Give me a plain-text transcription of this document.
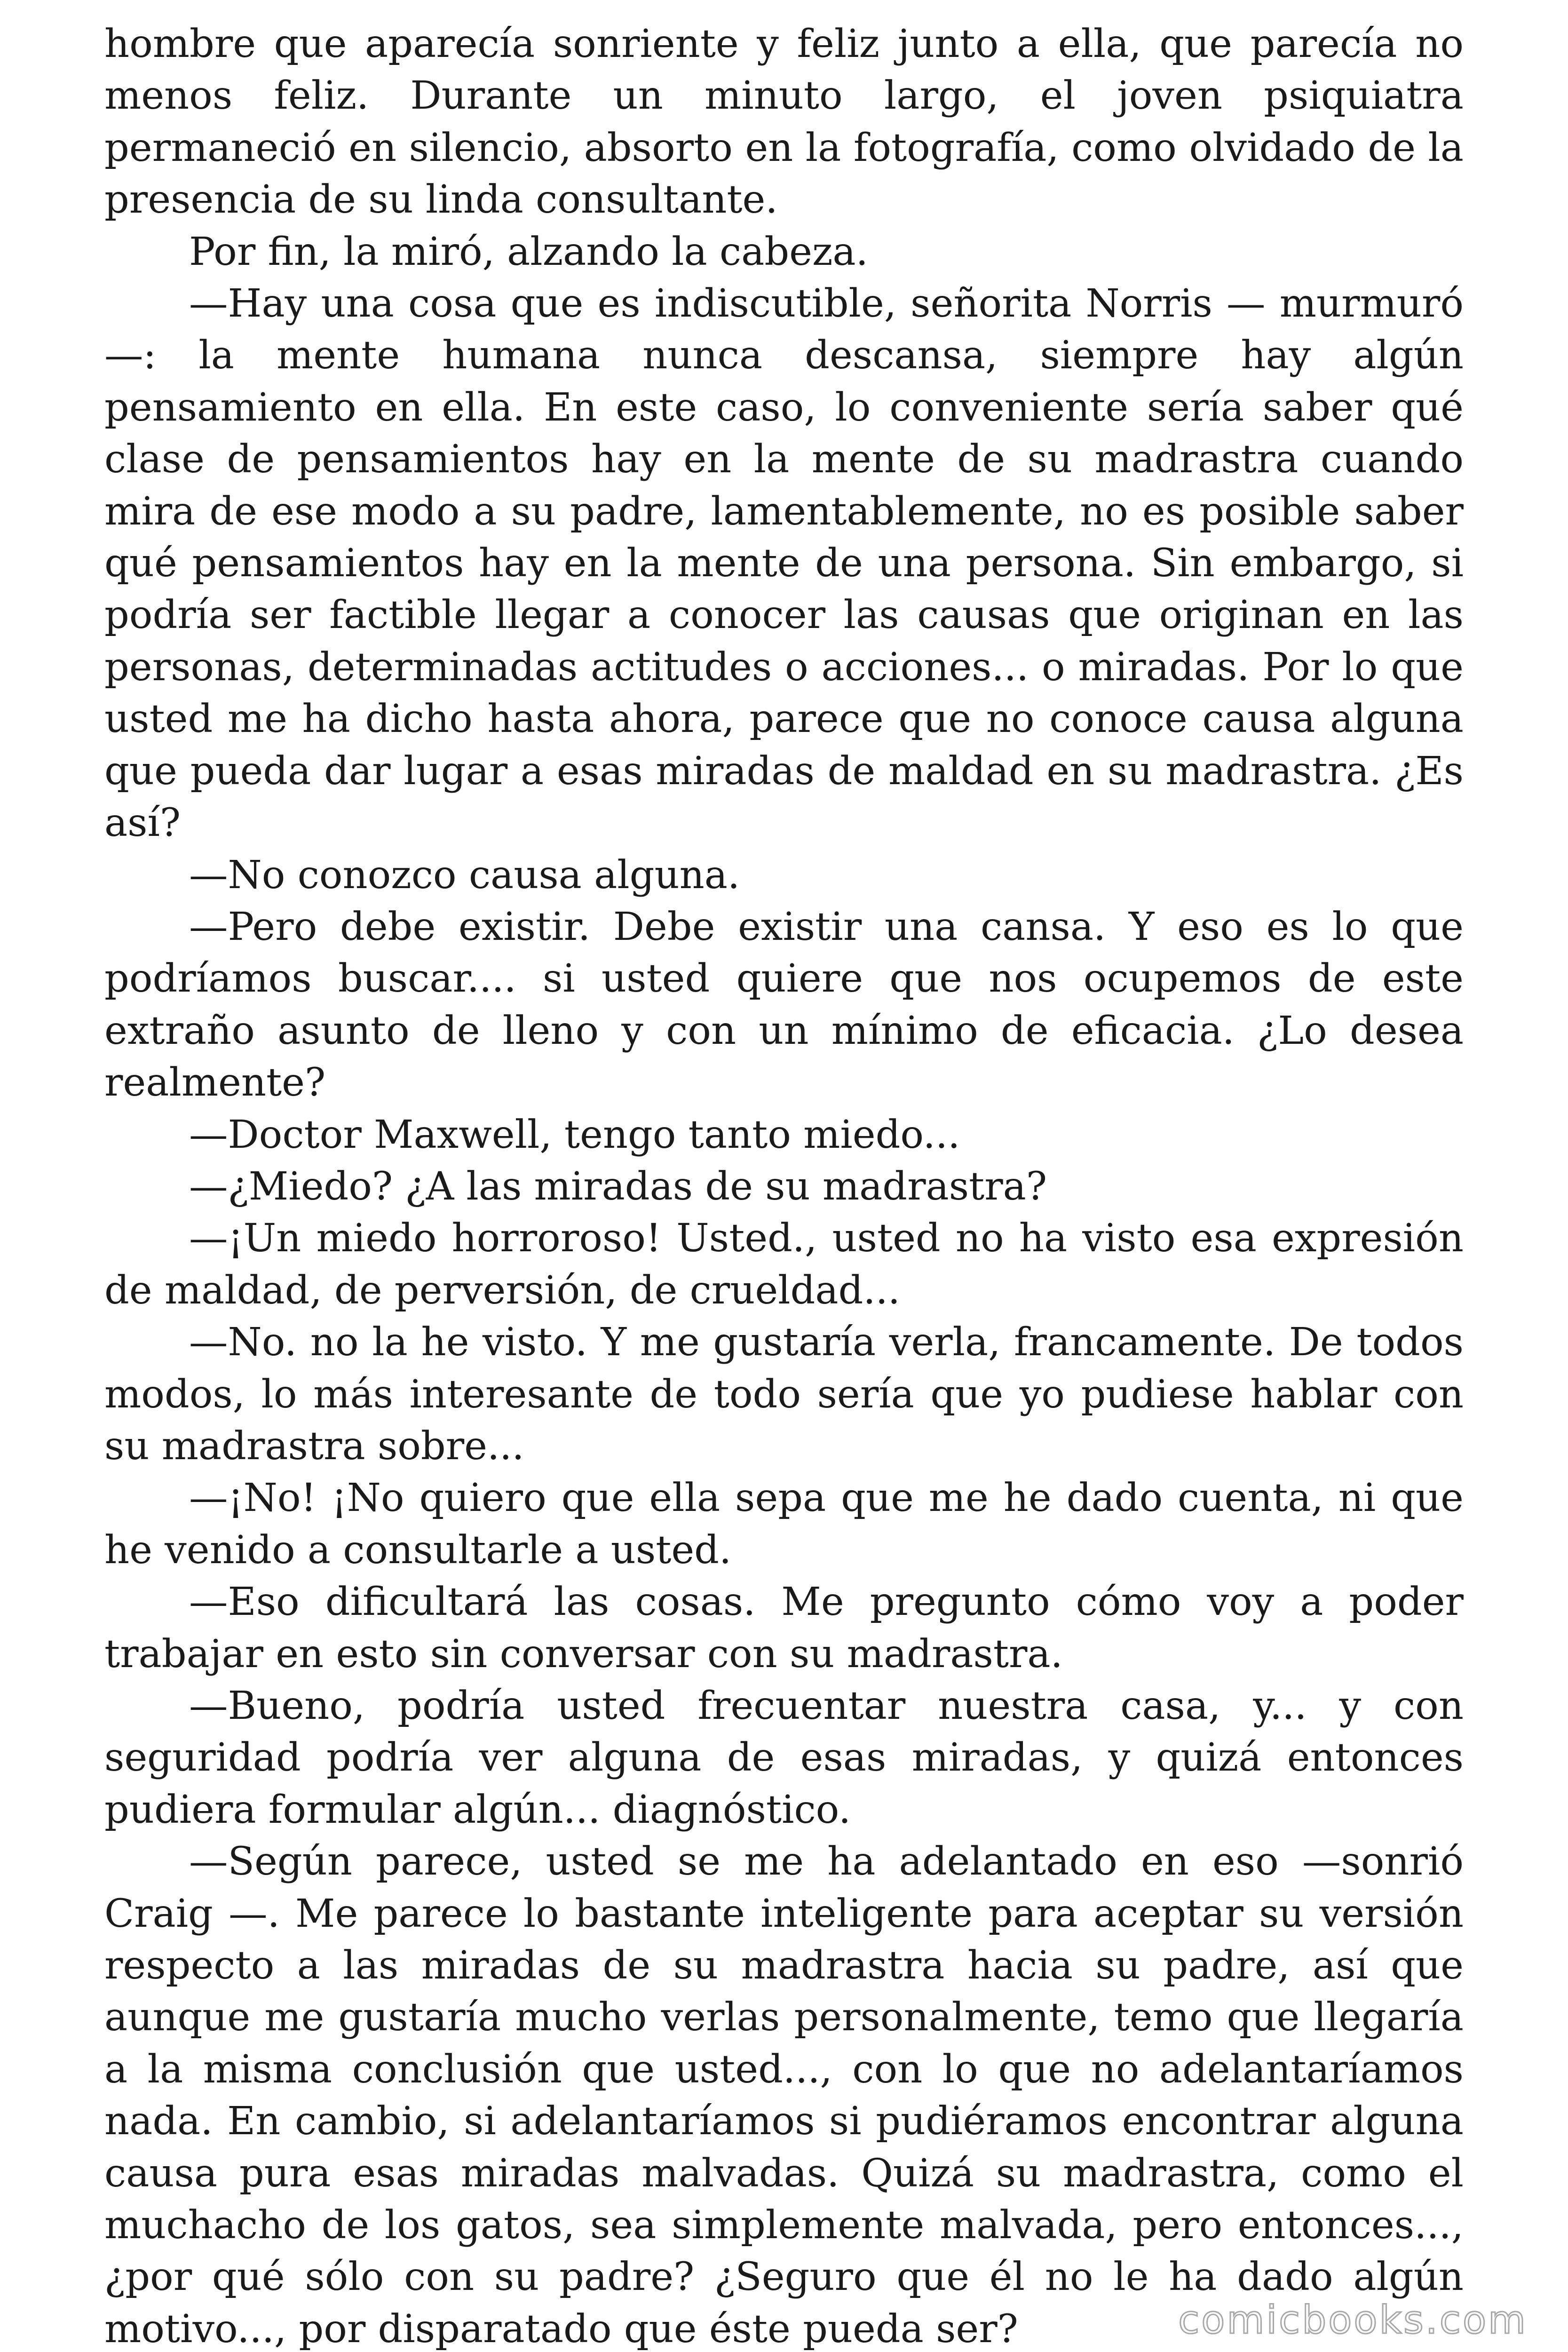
hombre que aparecía sonriente y feliz junto a ella, que parecía no menos feliz. Durante un minuto largo, el joven psiquiatra permaneció en silencio, absorto en la fotografía, como olvidado de la presencia de su linda consultante.

Por fin, la miró, alzando la cabeza.

—Hay una cosa que es indiscutible, señorita Norris — murmuró —: la mente humana nunca descansa, siempre hay algún pensamiento en ella. En este caso, lo conveniente sería saber qué clase de pensamientos hay en la mente de su madrastra cuando mira de ese modo a su padre, lamentablemente, no es posible saber qué pensamientos hay en la mente de una persona. Sin embargo, si podría ser factible llegar a conocer las causas que originan en las personas, determinadas actitudes o acciones... o miradas. Por lo que usted me ha dicho hasta ahora, parece que no conoce causa alguna que pueda dar lugar a esas miradas de maldad en su madrastra. ¿Es así?

—No conozco causa alguna.

—Pero debe existir. Debe existir una cansa. Y eso es lo que podríamos buscar.... si usted quiere que nos ocupemos de este extraño asunto de lleno y con un mínimo de eficacia. ¿Lo desea realmente?

—Doctor Maxwell, tengo tanto miedo...

—¿Miedo? ¿A las miradas de su madrastra?

—¡Un miedo horroroso! Usted., usted no ha visto esa expresión de maldad, de perversión, de crueldad...

—No. no la he visto. Y me gustaría verla, francamente. De todos modos, lo más interesante de todo sería que yo pudiese hablar con su madrastra sobre...

—¡No! ¡No quiero que ella sepa que me he dado cuenta, ni que he venido a consultarle a usted.

—Eso dificultará las cosas. Me pregunto cómo voy a poder trabajar en esto sin conversar con su madrastra.

—Bueno, podría usted frecuentar nuestra casa, y... y con seguridad podría ver alguna de esas miradas, y quizá entonces pudiera formular algún... diagnóstico.

—Según parece, usted se me ha adelantado en eso —sonrió Craig —. Me parece lo bastante inteligente para aceptar su versión respecto a las miradas de su madrastra hacia su padre, así que aunque me gustaría mucho verlas personalmente, temo que llegaría a la misma conclusión que usted..., con lo que no adelantaríamos nada. En cambio, si adelantaríamos si pudiéramos encontrar alguna causa pura esas miradas malvadas. Quizá su madrastra, como el muchacho de los gatos, sea simplemente malvada, pero entonces..., ¿por qué sólo con su padre? ¿Seguro que él no le ha dado algún motivo..., por disparatado que éste pueda ser?	comicbooks.com
